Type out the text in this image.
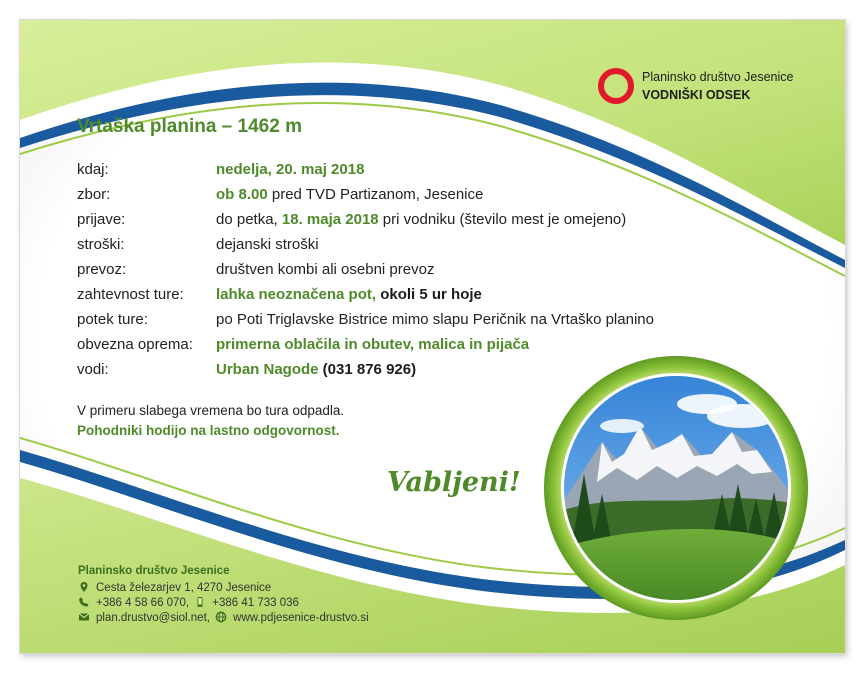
Planinsko društvo Jesenice
VODNIŠKI ODSEK
Vrtaška planina – 1462 m
kdaj:	nedelja, 20. maj 2018
zbor:	ob 8.00 pred TVD Partizanom, Jesenice
prijave:	do petka, 18. maja 2018 pri vodniku (število mest je omejeno)
stroški:	dejanski stroški
prevoz:	društven kombi ali osebni prevoz
zahtevnost ture: lahka neoznačena pot, okoli 5 ur hoje
potek ture:	po Poti Triglavske Bistrice mimo slapu Peričnik na Vrtaško planino
obvezna oprema: primerna oblačila in obutev, malica in pijača
vodi:	Urban Nagode (031 876 926)
V primeru slabega vremena bo tura odpadla.
Pohodniki hodijo na lastno odgovornost.
Vabljeni!
Planinsko društvo Jesenice
Cesta železarjev 1, 4270 Jesenice
+386 4 58 66 070, +386 41 733 036
plan.drustvo@siol.net, www.pdjesenice-drustvo.si
